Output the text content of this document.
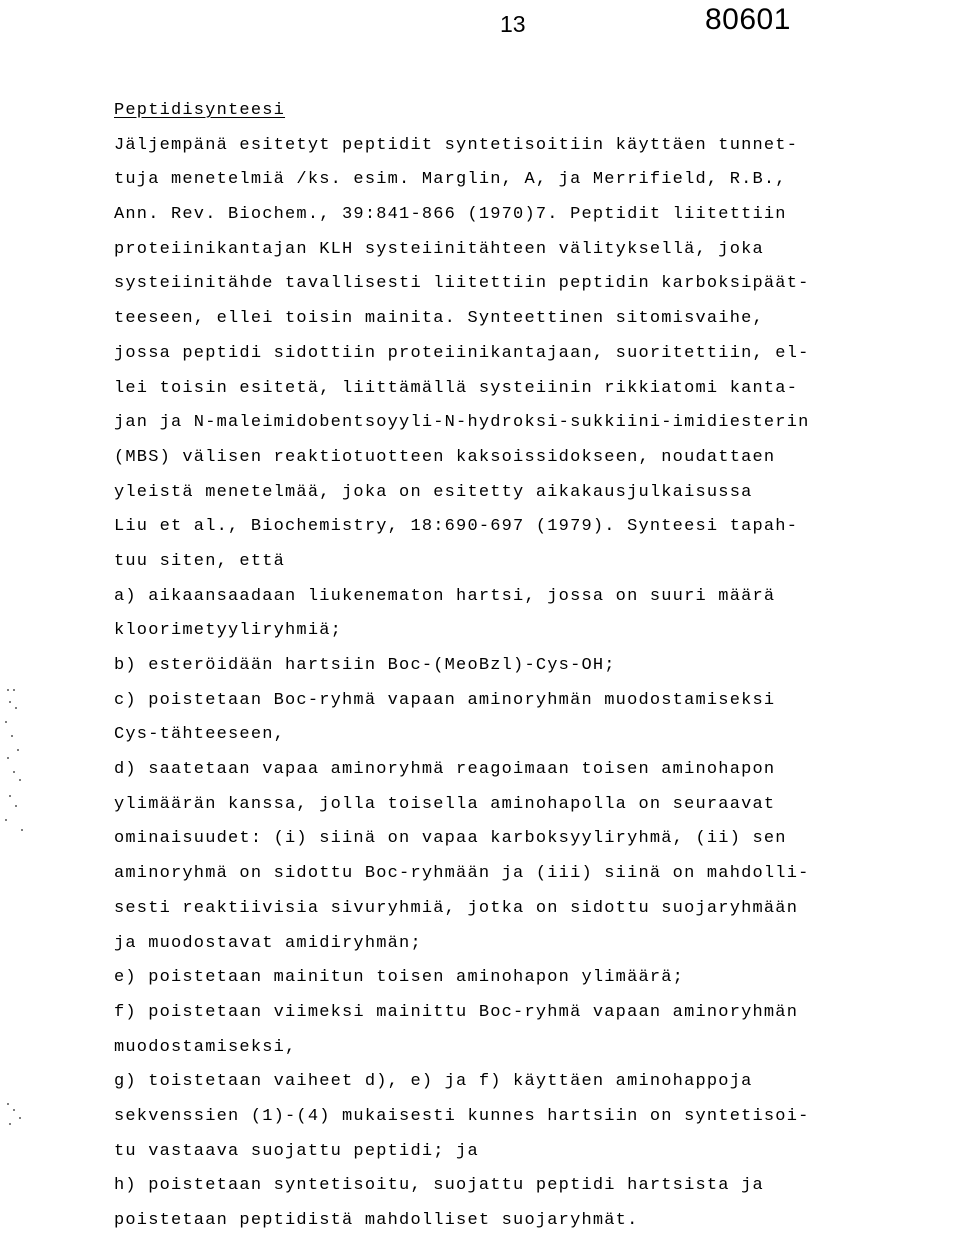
13	80601
Peptidisynteesi
Jäljempänä esitetyt peptidit syntetisoitiin käyttäen tunnet-
tuja menetelmiä /ks. esim. Marglin, A, ja Merrifield, R.B.,
Ann. Rev. Biochem., 39:841-866 (1970)7. Peptidit liitettiin
proteiinikantajan KLH systeiinitähteen välityksellä, joka
systeiinitähde tavallisesti liitettiin peptidin karboksipäät-
teeseen, ellei toisin mainita. Synteettinen sitomisvaihe,
jossa peptidi sidottiin proteiinikantajaan, suoritettiin, el-
lei toisin esitetä, liittämällä systeiinin rikkiatomi kanta-
jan ja N-maleimidobentsoyyli-N-hydroksi-sukkiini-imidiesterin
(MBS) välisen reaktiotuotteen kaksoissidokseen, noudattaen
yleistä menetelmää, joka on esitetty aikakausjulkaisussa
Liu et al., Biochemistry, 18:690-697 (1979). Synteesi tapah-
tuu siten, että
a) aikaansaadaan liukenematon hartsi, jossa on suuri määrä
kloorimetyyliryhmiä;
b) esteröidään hartsiin Boc-(MeoBzl)-Cys-OH;
c) poistetaan Boc-ryhmä vapaan aminoryhmän muodostamiseksi
Cys-tähteeseen,
d) saatetaan vapaa aminoryhmä reagoimaan toisen aminohapon
ylimäärän kanssa, jolla toisella aminohapolla on seuraavat
ominaisuudet: (i) siinä on vapaa karboksyyliryhmä, (ii) sen
aminoryhmä on sidottu Boc-ryhmään ja (iii) siinä on mahdolli-
sesti reaktiivisia sivuryhmiä, jotka on sidottu suojaryhmään
ja muodostavat amidiryhmän;
e) poistetaan mainitun toisen aminohapon ylimäärä;
f) poistetaan viimeksi mainittu Boc-ryhmä vapaan aminoryhmän
muodostamiseksi,
g) toistetaan vaiheet d), e) ja f) käyttäen aminohappoja
sekvenssien (1)-(4) mukaisesti kunnes hartsiin on syntetisoi-
tu vastaava suojattu peptidi; ja
h) poistetaan syntetisoitu, suojattu peptidi hartsista ja
poistetaan peptidistä mahdolliset suojaryhmät.
